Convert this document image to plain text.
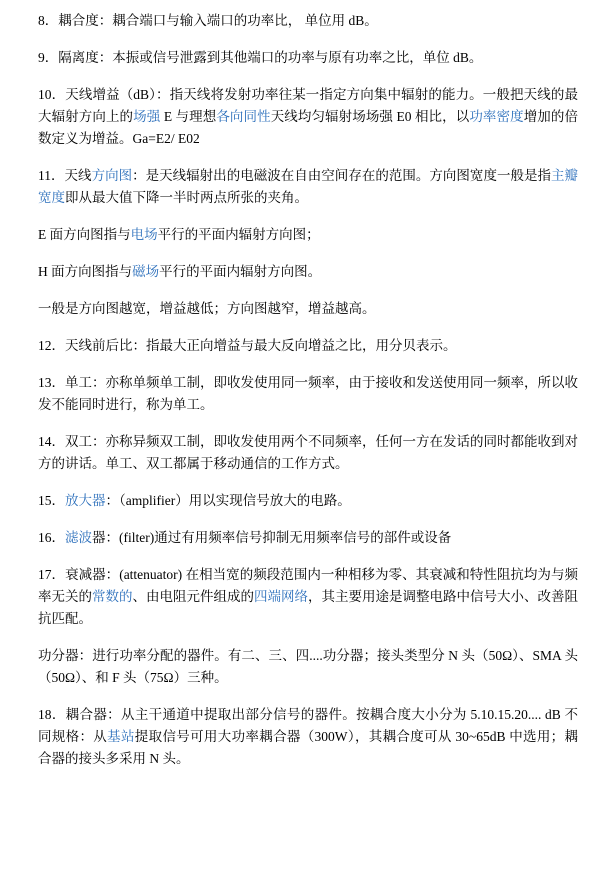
8．耦合度：耦合端口与输入端口的功率比， 单位用 dB。

9．隔离度：本振或信号泄露到其他端口的功率与原有功率之比，单位 dB。

10．天线增益（dB）：指天线将发射功率往某一指定方向集中辐射的能力。一般把天线的最大辐射方向上的场强 E 与理想各向同性天线均匀辐射场场强 E0 相比，以功率密度增加的倍数定义为增益。Ga=E2/ E02

11．天线方向图：是天线辐射出的电磁波在自由空间存在的范围。方向图宽度一般是指主瓣宽度即从最大值下降一半时两点所张的夹角。

E 面方向图指与电场平行的平面内辐射方向图；

H 面方向图指与磁场平行的平面内辐射方向图。

一般是方向图越宽，增益越低；方向图越窄，增益越高。

12．天线前后比：指最大正向增益与最大反向增益之比，用分贝表示。

13．单工：亦称单频单工制，即收发使用同一频率，由于接收和发送使用同一频率，所以收发不能同时进行，称为单工。

14．双工：亦称异频双工制，即收发使用两个不同频率，任何一方在发话的同时都能收到对方的讲话。单工、双工都属于移动通信的工作方式。

15．放大器：（amplifier）用以实现信号放大的电路。

16．滤波器：(filter)通过有用频率信号抑制无用频率信号的部件或设备

17．衰减器：(attenuator) 在相当宽的频段范围内一种相移为零、其衰减和特性阻抗均为与频率无关的常数的、由电阻元件组成的四端网络，其主要用途是调整电路中信号大小、改善阻抗匹配。

功分器：进行功率分配的器件。有二、三、四....功分器；接头类型分 N 头（50Ω）、SMA 头（50Ω）、和 F 头（75Ω）三种。

18．耦合器：从主干通道中提取出部分信号的器件。按耦合度大小分为 5.10.15.20.... dB 不同规格：从基站提取信号可用大功率耦合器（300W），其耦合度可从 30~65dB 中选用；耦合器的接头多采用 N 头。
